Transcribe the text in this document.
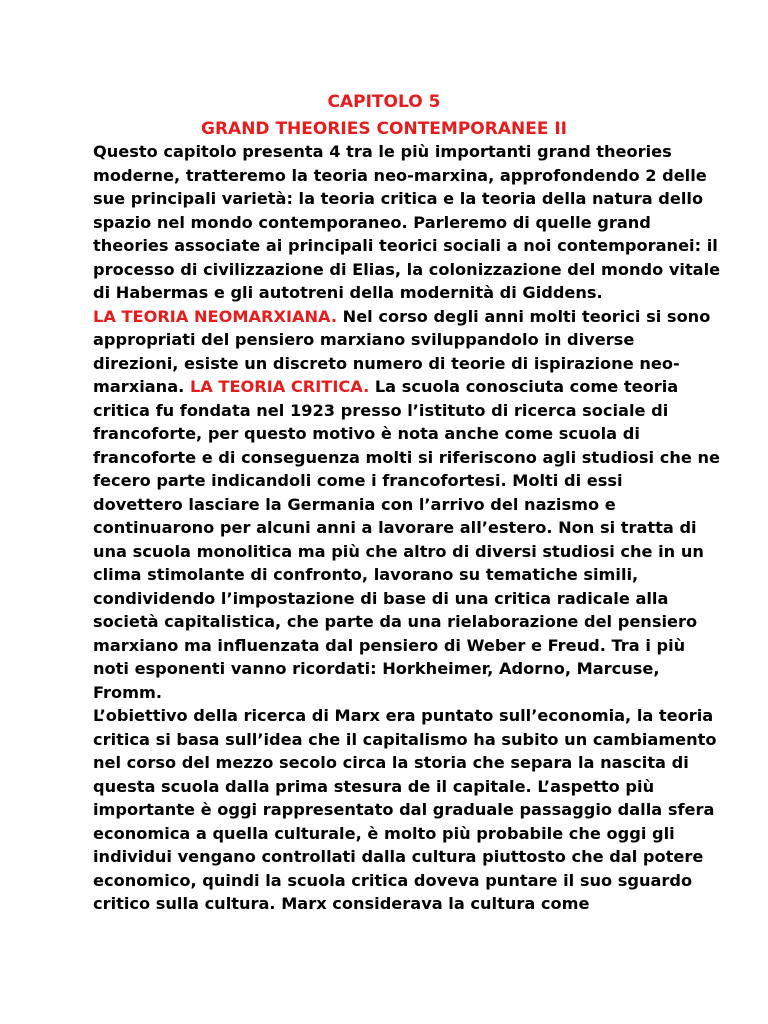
CAPITOLO 5
GRAND THEORIES CONTEMPORANEE II
Questo capitolo presenta 4 tra le più importanti grand theories
moderne, tratteremo la teoria neo-marxina, approfondendo 2 delle
sue principali varietà: la teoria critica e la teoria della natura dello
spazio nel mondo contemporaneo. Parleremo di quelle grand
theories associate ai principali teorici sociali a noi contemporanei: il
processo di civilizzazione di Elias, la colonizzazione del mondo vitale
di Habermas e gli autotreni della modernità di Giddens.
LA TEORIA NEOMARXIANA. Nel corso degli anni molti teorici si sono
appropriati del pensiero marxiano sviluppandolo in diverse
direzioni, esiste un discreto numero di teorie di ispirazione neo-
marxiana. LA TEORIA CRITICA. La scuola conosciuta come teoria
critica fu fondata nel 1923 presso l’istituto di ricerca sociale di
francoforte, per questo motivo è nota anche come scuola di
francoforte e di conseguenza molti si riferiscono agli studiosi che ne
fecero parte indicandoli come i francofortesi. Molti di essi
dovettero lasciare la Germania con l’arrivo del nazismo e
continuarono per alcuni anni a lavorare all’estero. Non si tratta di
una scuola monolitica ma più che altro di diversi studiosi che in un
clima stimolante di confronto, lavorano su tematiche simili,
condividendo l’impostazione di base di una critica radicale alla
società capitalistica, che parte da una rielaborazione del pensiero
marxiano ma influenzata dal pensiero di Weber e Freud. Tra i più
noti esponenti vanno ricordati: Horkheimer, Adorno, Marcuse,
Fromm.
L’obiettivo della ricerca di Marx era puntato sull’economia, la teoria
critica si basa sull’idea che il capitalismo ha subito un cambiamento
nel corso del mezzo secolo circa la storia che separa la nascita di
questa scuola dalla prima stesura de il capitale. L’aspetto più
importante è oggi rappresentato dal graduale passaggio dalla sfera
economica a quella culturale, è molto più probabile che oggi gli
individui vengano controllati dalla cultura piuttosto che dal potere
economico, quindi la scuola critica doveva puntare il suo sguardo
critico sulla cultura. Marx considerava la cultura come
